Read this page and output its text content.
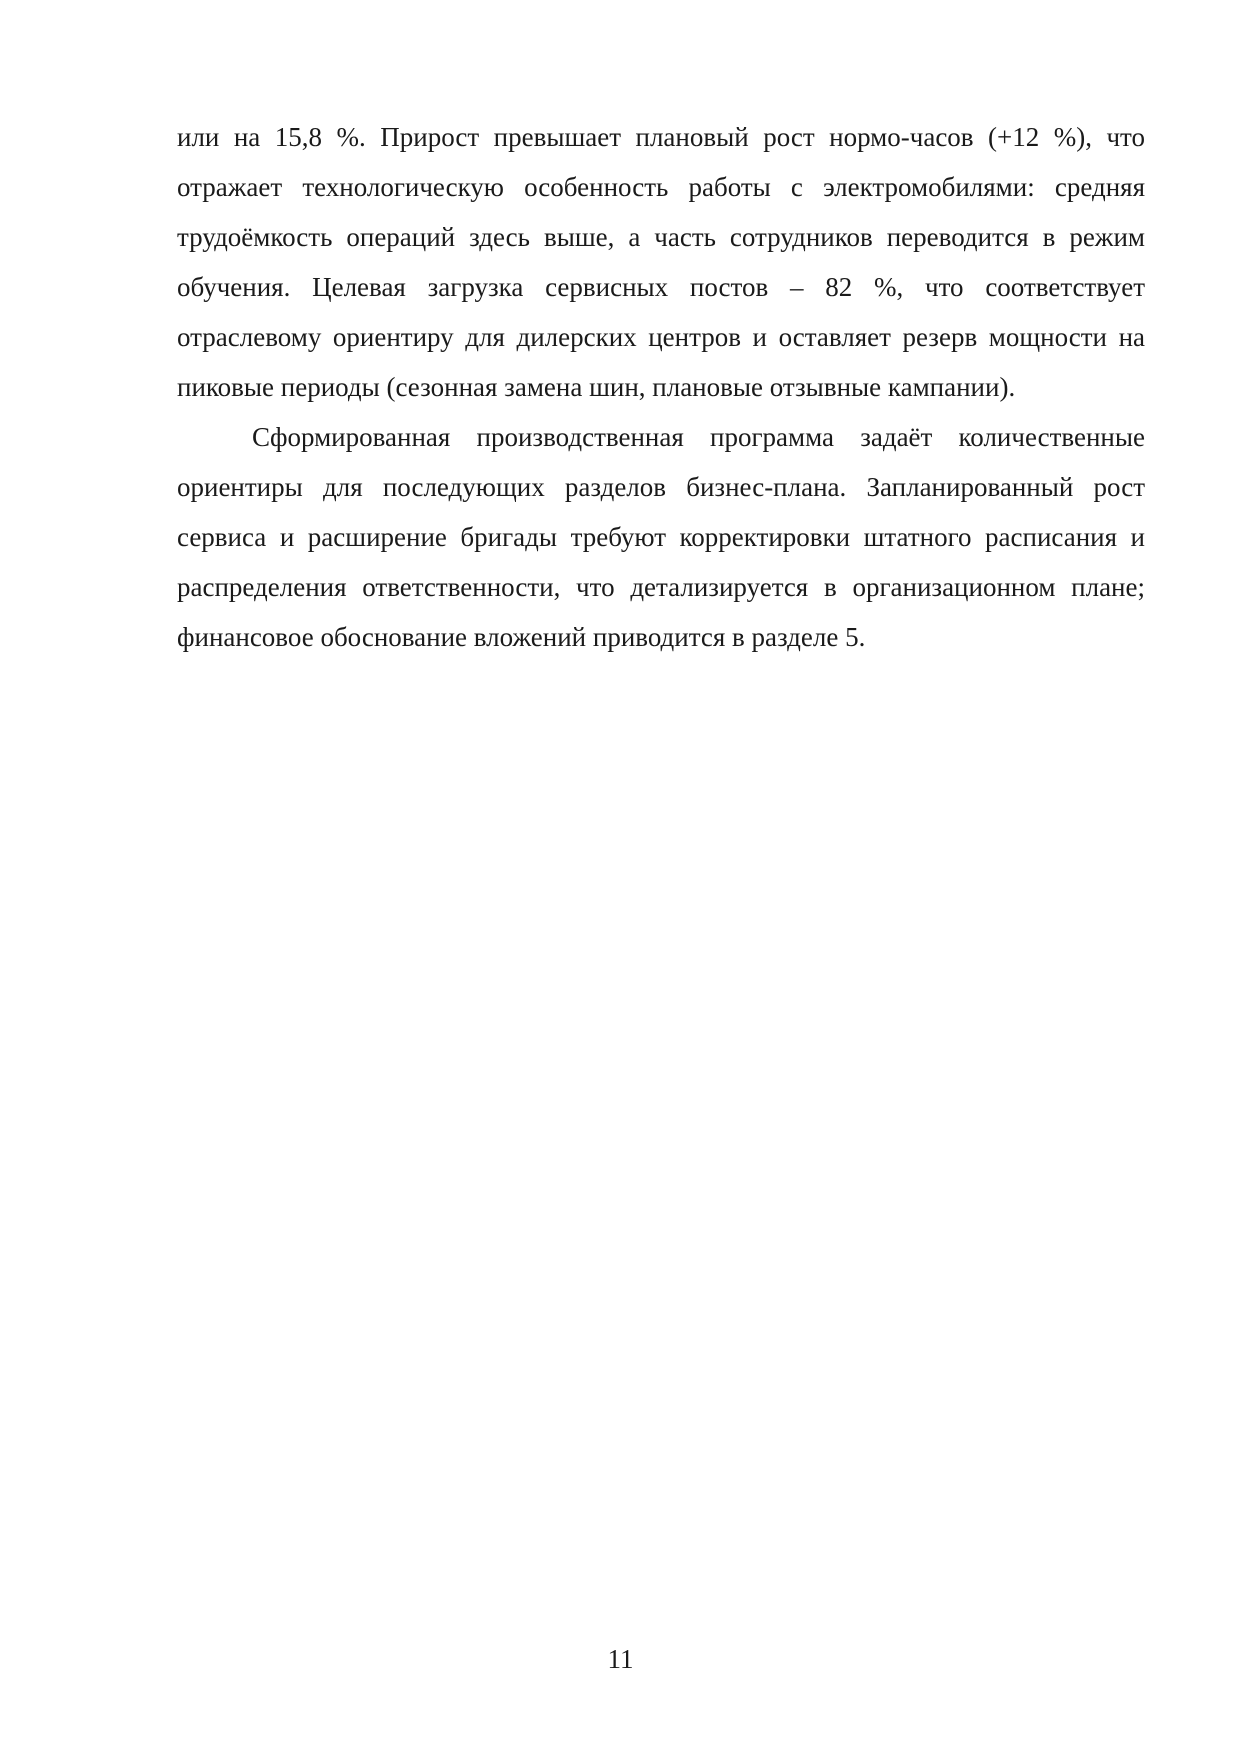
или на 15,8 %. Прирост превышает плановый рост нормо-часов (+12 %), что отражает технологическую особенность работы с электромобилями: средняя трудоёмкость операций здесь выше, а часть сотрудников переводится в режим обучения. Целевая загрузка сервисных постов – 82 %, что соответствует отраслевому ориентиру для дилерских центров и оставляет резерв мощности на пиковые периоды (сезонная замена шин, плановые отзывные кампании).

Сформированная производственная программа задаёт количественные ориентиры для последующих разделов бизнес-плана. Запланированный рост сервиса и расширение бригады требуют корректировки штатного расписания и распределения ответственности, что детализируется в организационном плане; финансовое обоснование вложений приводится в разделе 5.

11
